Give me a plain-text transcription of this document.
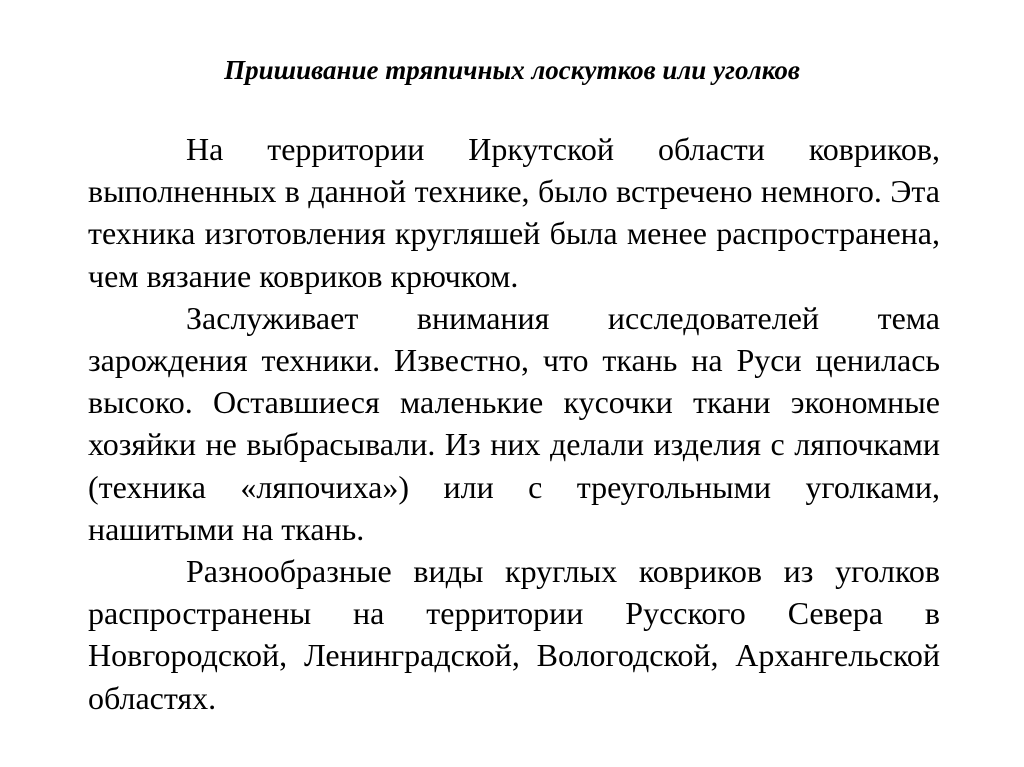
Пришивание тряпичных лоскутков или уголков

На территории Иркутской области ковриков, выполненных в данной технике, было встречено немного. Эта техника изготовления кругляшей была менее распространена, чем вязание ковриков крючком.

Заслуживает внимания исследователей тема зарождения техники. Известно, что ткань на Руси ценилась высоко. Оставшиеся маленькие кусочки ткани экономные хозяйки не выбрасывали. Из них делали изделия с ляпочками (техника «ляпочиха») или с треугольными уголками, нашитыми на ткань.

Разнообразные виды круглых ковриков из уголков распространены на территории Русского Севера в Новгородской, Ленинградской, Вологодской, Архангельской областях.
